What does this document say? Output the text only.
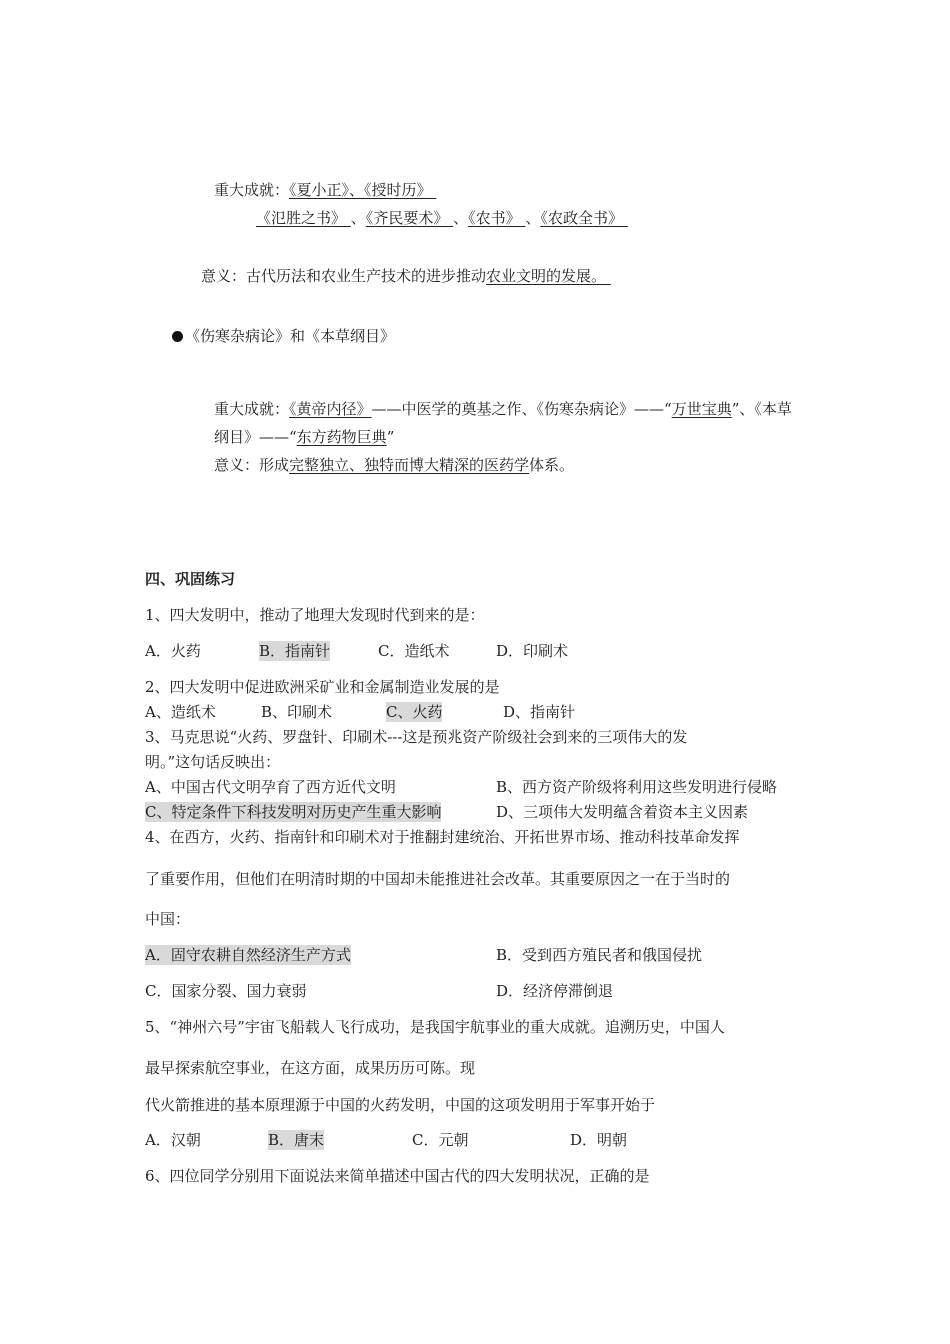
重大成就：《夏小正》、《授时历》
《氾胜之书》 、《齐民要术》 、《农书》 、《农政全书》
意义：古代历法和农业生产技术的进步推动农业文明的发展。
《伤寒杂病论》和《本草纲目》
重大成就：《黄帝内径》——中医学的奠基之作、《伤寒杂病论》——“万世宝典”、《本草
纲目》——“东方药物巨典”
意义：形成完整独立、独特而博大精深的医药学体系。
四、巩固练习
1、四大发明中，推动了地理大发现时代到来的是：
A．火药	B．指南针	C．造纸术	D．印刷术
2、四大发明中促进欧洲采矿业和金属制造业发展的是
A、造纸术	B、印刷术	C、火药	D、指南针
3、马克思说“火药、罗盘针、印刷术---这是预兆资产阶级社会到来的三项伟大的发
明。”这句话反映出：
A、中国古代文明孕育了西方近代文明	B、西方资产阶级将利用这些发明进行侵略
C、特定条件下科技发明对历史产生重大影响	D、三项伟大发明蕴含着资本主义因素
4、在西方，火药、指南针和印刷术对于推翻封建统治、开拓世界市场、推动科技革命发挥
了重要作用，但他们在明清时期的中国却未能推进社会改革。其重要原因之一在于当时的
中国：
A．固守农耕自然经济生产方式	B．受到西方殖民者和俄国侵扰
C．国家分裂、国力衰弱	D．经济停滞倒退
5、“神州六号”宇宙飞船载人飞行成功，是我国宇航事业的重大成就。追溯历史，中国人
最早探索航空事业，在这方面，成果历历可陈。现
代火箭推进的基本原理源于中国的火药发明，中国的这项发明用于军事开始于
A．汉朝	B．唐末	C．元朝	D．明朝
6、四位同学分别用下面说法来简单描述中国古代的四大发明状况，正确的是
